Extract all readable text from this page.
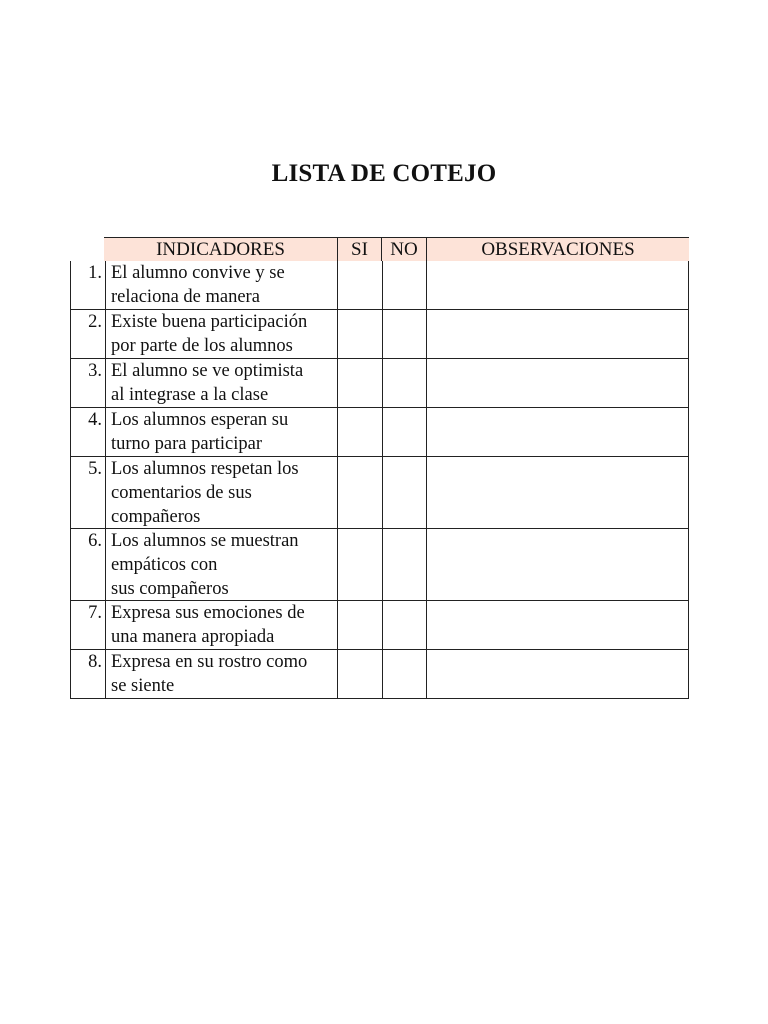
LISTA DE COTEJO
INDICADORES	SI	NO	OBSERVACIONES
1. El alumno convive y se
relaciona de manera
2. Existe buena participación
por parte de los alumnos
3. El alumno se ve optimista
al integrase a la clase
4. Los alumnos esperan su
turno para participar
5. Los alumnos respetan los
comentarios de sus
compañeros
6. Los alumnos se muestran
empáticos con
sus compañeros
7. Expresa sus emociones de
una manera apropiada
8. Expresa en su rostro como
se siente
